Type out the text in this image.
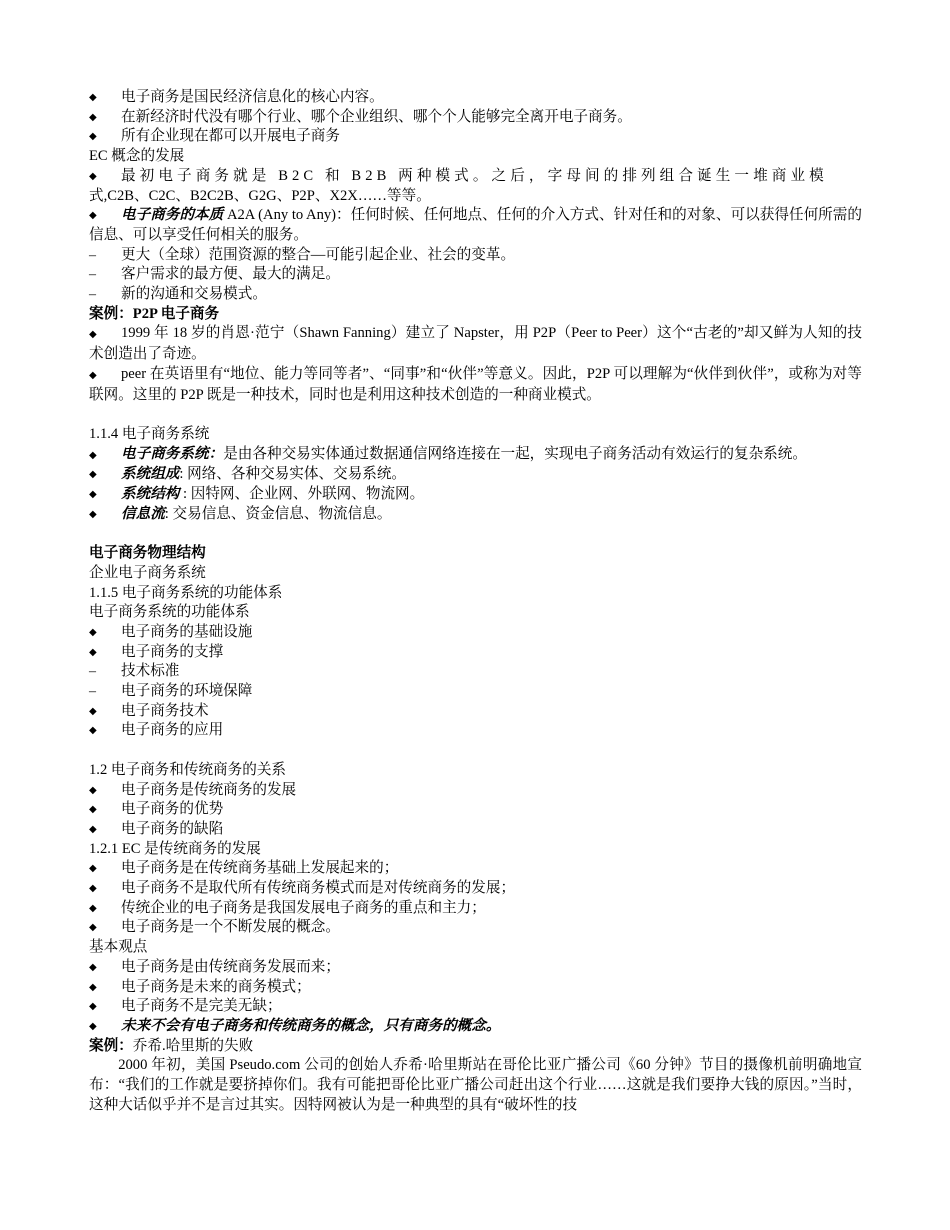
◆	电子商务是国民经济信息化的核心内容。
◆	在新经济时代没有哪个行业、哪个企业组织、哪个个人能够完全离开电子商务。
◆	所有企业现在都可以开展电子商务
EC 概念的发展
◆	最初电子商务就是 B2C 和 B2B 两种模式。之后，字母间的排列组合诞生一堆商业模
式,C2B、C2C、B2C2B、G2G、P2P、X2X……等等。
◆	电子商务的本质 A2A (Any to Any)：任何时候、任何地点、任何的介入方式、针对任和的对象、可以获得任何所需的信息、可以享受任何相关的服务。
–	更大（全球）范围资源的整合—可能引起企业、社会的变革。
–	客户需求的最方便、最大的满足。
–	新的沟通和交易模式。
案例：P2P 电子商务
◆ 1999 年 18 岁的肖恩·范宁（Shawn Fanning）建立了 Napster，用 P2P（Peer to Peer）这个“古老的”却又鲜为人知的技术创造出了奇迹。
◆ peer 在英语里有“地位、能力等同等者”、“同事”和“伙伴”等意义。因此，P2P 可以理解为“伙伴到伙伴”，或称为对等联网。这里的 P2P 既是一种技术，同时也是利用这种技术创造的一种商业模式。
1.1.4 电子商务系统
◆ 电子商务系统：是由各种交易实体通过数据通信网络连接在一起，实现电子商务活动有效运行的复杂系统。
◆	系统组成: 网络、各种交易实体、交易系统。
◆	系统结构 : 因特网、企业网、外联网、物流网。
◆	信息流: 交易信息、资金信息、物流信息。
电子商务物理结构
企业电子商务系统
1.1.5 电子商务系统的功能体系
电子商务系统的功能体系
◆	电子商务的基础设施
◆	电子商务的支撑
–	技术标准
–	电子商务的环境保障
◆	电子商务技术
◆	电子商务的应用
1.2 电子商务和传统商务的关系
◆	电子商务是传统商务的发展
◆	电子商务的优势
◆	电子商务的缺陷
1.2.1 EC 是传统商务的发展
◆	电子商务是在传统商务基础上发展起来的；
◆	电子商务不是取代所有传统商务模式而是对传统商务的发展；
◆	传统企业的电子商务是我国发展电子商务的重点和主力；
◆	电子商务是一个不断发展的概念。
基本观点
◆	电子商务是由传统商务发展而来；
◆	电子商务是未来的商务模式；
◆	电子商务不是完美无缺；
◆	未来不会有电子商务和传统商务的概念，只有商务的概念。
案例：乔希.哈里斯的失败
2000 年初，美国 Pseudo.com 公司的创始人乔希·哈里斯站在哥伦比亚广播公司《60 分钟》节目的摄像机前明确地宣布：“我们的工作就是要挤掉你们。我有可能把哥伦比亚广播公司赶出这个行业……这就是我们要挣大钱的原因。”当时，这种大话似乎并不是言过其实。因特网被认为是一种典型的具有“破坏性的技
